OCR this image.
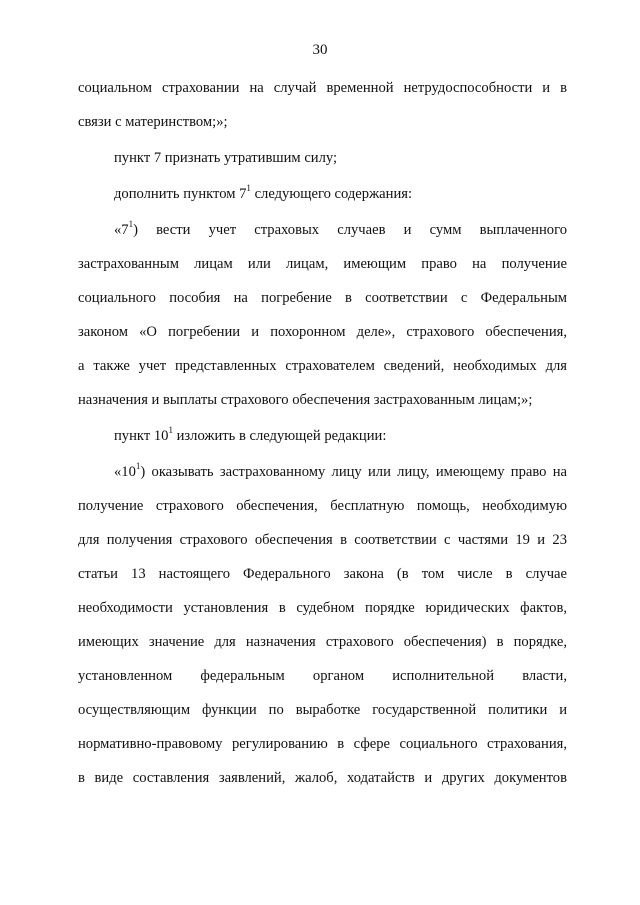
30
социальном страховании на случай временной нетрудоспособности и в
связи с материнством;»;
пункт 7 признать утратившим силу;
дополнить пунктом $7^1$ следующего содержания:
«$7^1$) вести учет страховых случаев и сумм выплаченного
застрахованным лицам или лицам, имеющим право на получение
социального пособия на погребение в соответствии с Федеральным
законом «О погребении и похоронном деле», страхового обеспечения,
а также учет представленных страхователем сведений, необходимых для
назначения и выплаты страхового обеспечения застрахованным лицам;»;
пункт $10^1$ изложить в следующей редакции:
«$10^1$) оказывать застрахованному лицу или лицу, имеющему право на
получение страхового обеспечения, бесплатную помощь, необходимую
для получения страхового обеспечения в соответствии с частями 19 и 23
статьи 13 настоящего Федерального закона (в том числе в случае
необходимости установления в судебном порядке юридических фактов,
имеющих значение для назначения страхового обеспечения) в порядке,
установленном федеральным органом исполнительной власти,
осуществляющим функции по выработке государственной политики и
нормативно-правовому регулированию в сфере социального страхования,
в виде составления заявлений, жалоб, ходатайств и других документов
